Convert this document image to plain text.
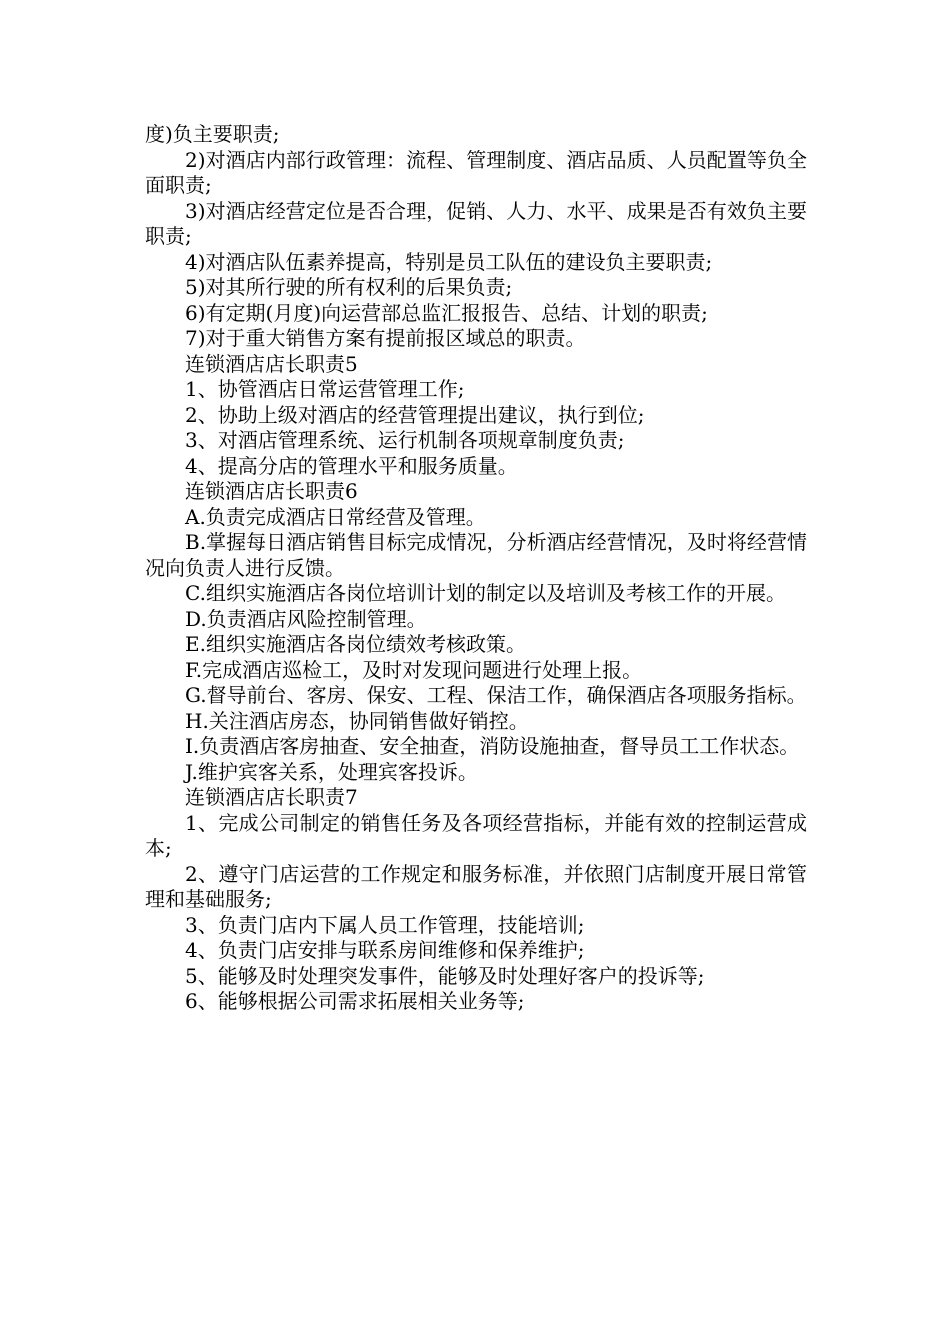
度)负主要职责;

2)对酒店内部行政管理：流程、管理制度、酒店品质、人员配置等负全面职责;

3)对酒店经营定位是否合理，促销、人力、水平、成果是否有效负主要职责;

4)对酒店队伍素养提高，特别是员工队伍的建设负主要职责;

5)对其所行驶的所有权利的后果负责;

6)有定期(月度)向运营部总监汇报报告、总结、计划的职责;

7)对于重大销售方案有提前报区域总的职责。

连锁酒店店长职责5

1、协管酒店日常运营管理工作;

2、协助上级对酒店的经营管理提出建议，执行到位;

3、对酒店管理系统、运行机制各项规章制度负责;

4、提高分店的管理水平和服务质量。

连锁酒店店长职责6

A.负责完成酒店日常经营及管理。

B.掌握每日酒店销售目标完成情况，分析酒店经营情况，及时将经营情况向负责人进行反馈。

C.组织实施酒店各岗位培训计划的制定以及培训及考核工作的开展。

D.负责酒店风险控制管理。

E.组织实施酒店各岗位绩效考核政策。

F.完成酒店巡检工，及时对发现问题进行处理上报。

G.督导前台、客房、保安、工程、保洁工作，确保酒店各项服务指标。

H.关注酒店房态，协同销售做好销控。

I.负责酒店客房抽查、安全抽查，消防设施抽查，督导员工工作状态。

J.维护宾客关系，处理宾客投诉。

连锁酒店店长职责7

1、完成公司制定的销售任务及各项经营指标，并能有效的控制运营成本;

2、遵守门店运营的工作规定和服务标准，并依照门店制度开展日常管理和基础服务;

3、负责门店内下属人员工作管理，技能培训;

4、负责门店安排与联系房间维修和保养维护;

5、能够及时处理突发事件，能够及时处理好客户的投诉等;

6、能够根据公司需求拓展相关业务等;
